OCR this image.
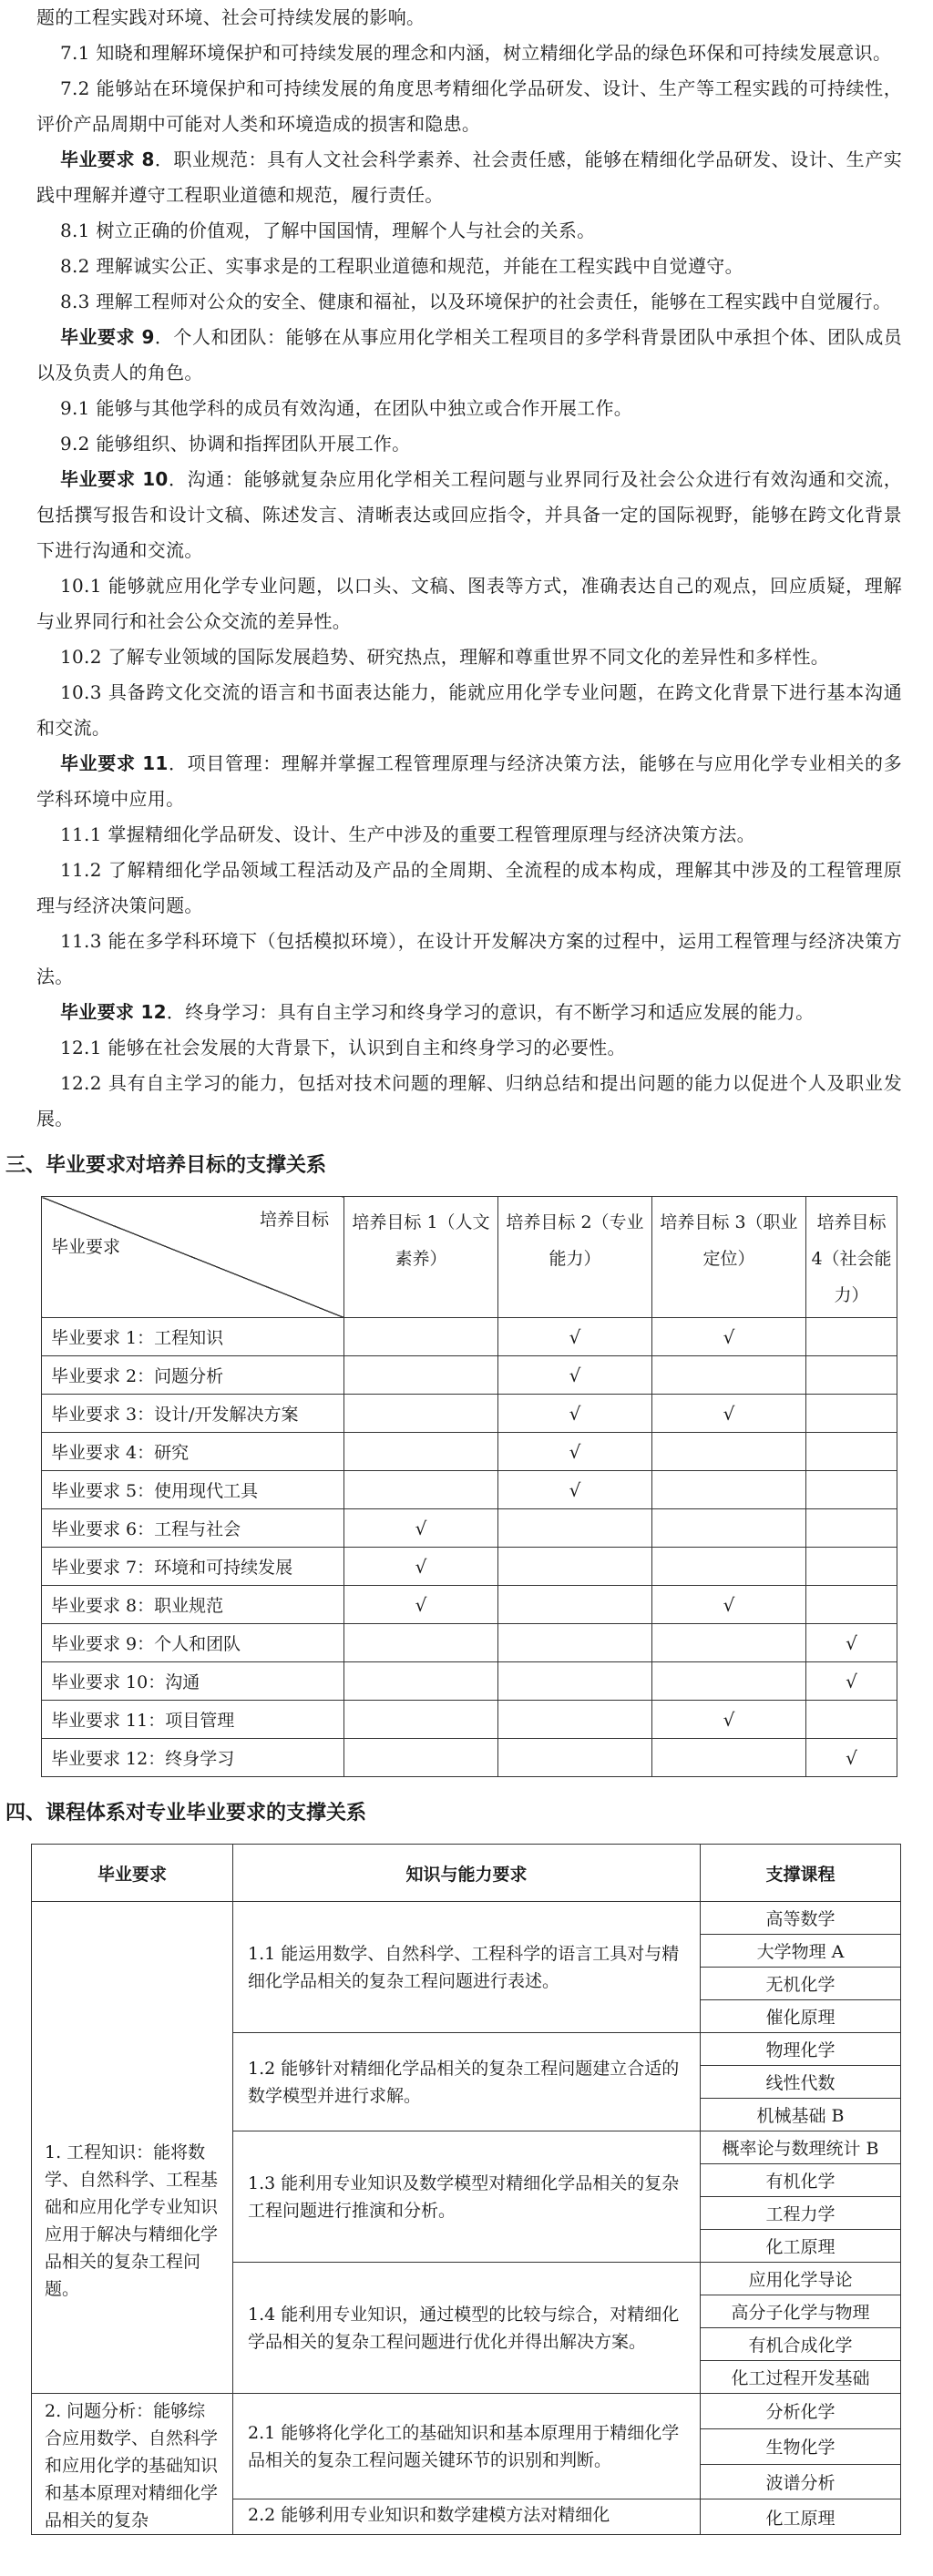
题的工程实践对环境、社会可持续发展的影响。

7.1 知晓和理解环境保护和可持续发展的理念和内涵，树立精细化学品的绿色环保和可持续发展意识。

7.2 能够站在环境保护和可持续发展的角度思考精细化学品研发、设计、生产等工程实践的可持续性，评价产品周期中可能对人类和环境造成的损害和隐患。

毕业要求 8．职业规范：具有人文社会科学素养、社会责任感，能够在精细化学品研发、设计、生产实践中理解并遵守工程职业道德和规范，履行责任。

8.1 树立正确的价值观，了解中国国情，理解个人与社会的关系。

8.2 理解诚实公正、实事求是的工程职业道德和规范，并能在工程实践中自觉遵守。

8.3 理解工程师对公众的安全、健康和福祉，以及环境保护的社会责任，能够在工程实践中自觉履行。

毕业要求 9．个人和团队：能够在从事应用化学相关工程项目的多学科背景团队中承担个体、团队成员以及负责人的角色。

9.1 能够与其他学科的成员有效沟通，在团队中独立或合作开展工作。

9.2 能够组织、协调和指挥团队开展工作。

毕业要求 10．沟通：能够就复杂应用化学相关工程问题与业界同行及社会公众进行有效沟通和交流，包括撰写报告和设计文稿、陈述发言、清晰表达或回应指令，并具备一定的国际视野，能够在跨文化背景下进行沟通和交流。

10.1 能够就应用化学专业问题，以口头、文稿、图表等方式，准确表达自己的观点，回应质疑，理解与业界同行和社会公众交流的差异性。

10.2 了解专业领域的国际发展趋势、研究热点，理解和尊重世界不同文化的差异性和多样性。

10.3 具备跨文化交流的语言和书面表达能力，能就应用化学专业问题，在跨文化背景下进行基本沟通和交流。

毕业要求 11．项目管理：理解并掌握工程管理原理与经济决策方法，能够在与应用化学专业相关的多学科环境中应用。

11.1 掌握精细化学品研发、设计、生产中涉及的重要工程管理原理与经济决策方法。

11.2 了解精细化学品领域工程活动及产品的全周期、全流程的成本构成，理解其中涉及的工程管理原理与经济决策问题。

11.3 能在多学科环境下（包括模拟环境），在设计开发解决方案的过程中，运用工程管理与经济决策方法。

毕业要求 12．终身学习：具有自主学习和终身学习的意识，有不断学习和适应发展的能力。

12.1 能够在社会发展的大背景下，认识到自主和终身学习的必要性。

12.2 具有自主学习的能力，包括对技术问题的理解、归纳总结和提出问题的能力以促进个人及职业发展。

三、毕业要求对培养目标的支撑关系
培养目标
毕业要求	培养目标 1（人文素养）	培养目标 2（专业能力）	培养目标 3（职业定位）	培养目标 4（社会能力）
毕业要求 1：工程知识		√	√	
毕业要求 2：问题分析		√		
毕业要求 3：设计/开发解决方案		√	√	
毕业要求 4：研究		√		
毕业要求 5：使用现代工具		√		
毕业要求 6：工程与社会	√			
毕业要求 7：环境和可持续发展	√			
毕业要求 8：职业规范	√		√	
毕业要求 9：个人和团队				√
毕业要求 10：沟通				√
毕业要求 11：项目管理			√	
毕业要求 12：终身学习				√
四、课程体系对专业毕业要求的支撑关系
毕业要求	知识与能力要求	支撑课程

1. 工程知识：能将数学、自然科学、工程基础和应用化学专业知识应用于解决与精细化学品相关的复杂工程问题。	1.1 能运用数学、自然科学、工程科学的语言工具对与精细化学品相关的复杂工程问题进行表述。	高等数学
		大学物理 A
		无机化学
		催化原理
	1.2 能够针对精细化学品相关的复杂工程问题建立合适的数学模型并进行求解。	物理化学
		线性代数
		机械基础 B
	1.3 能利用专业知识及数学模型对精细化学品相关的复杂工程问题进行推演和分析。	概率论与数理统计 B
		有机化学
		工程力学
		化工原理
	1.4 能利用专业知识，通过模型的比较与综合，对精细化学品相关的复杂工程问题进行优化并得出解决方案。	应用化学导论
		高分子化学与物理
		有机合成化学
		化工过程开发基础
2. 问题分析：能够综合应用数学、自然科学和应用化学的基础知识和基本原理对精细化学品相关的复杂	2.1 能够将化学化工的基础知识和基本原理用于精细化学品相关的复杂工程问题关键环节的识别和判断。	分析化学
		生物化学
		波谱分析
	2.2 能够利用专业知识和数学建模方法对精细化	化工原理
